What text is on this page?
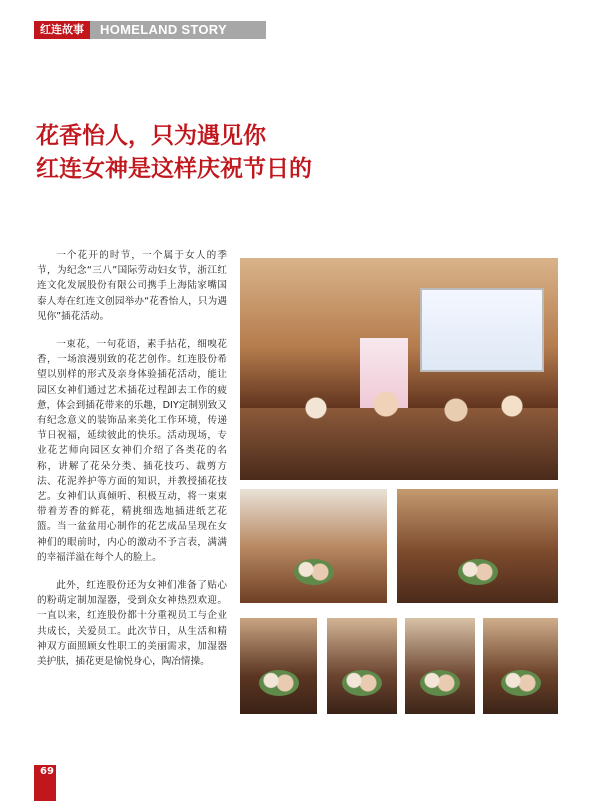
红连故事	HOMELAND STORY
花香怡人，只为遇见你
红连女神是这样庆祝节日的

一个花开的时节，一个属于女人的季节，为纪念“三八”国际劳动妇女节，浙江红连文化发展股份有限公司携手上海陆家嘴国泰人寿在红连文创园举办“花香怡人，只为遇见你”插花活动。

一束花，一句花语，素手拈花，细嗅花香，一场浪漫别致的花艺创作。红连股份希望以别样的形式及亲身体验插花活动，能让园区女神们通过艺术插花过程卸去工作的疲惫，体会到插花带来的乐趣，DIY定制别致又有纪念意义的装饰品来美化工作环境，传递节日祝福，延续彼此的快乐。活动现场，专业花艺师向园区女神们介绍了各类花的名称，讲解了花朵分类、插花技巧、裁剪方法、花泥养护等方面的知识，并教授插花技艺。女神们认真倾听、积极互动，将一束束带着芳香的鲜花，精挑细选地插进纸艺花篮。当一盆盆用心制作的花艺成品呈现在女神们的眼前时，内心的激动不予言表，满满的幸福洋溢在每个人的脸上。

此外，红连股份还为女神们准备了贴心的粉萌定制加湿器，受到众女神热烈欢迎。一直以来，红连股份都十分重视员工与企业共成长，关爱员工。此次节日，从生活和精神双方面照顾女性职工的美丽需求，加湿器美护肤，插花更是愉悦身心，陶冶情操。

69
